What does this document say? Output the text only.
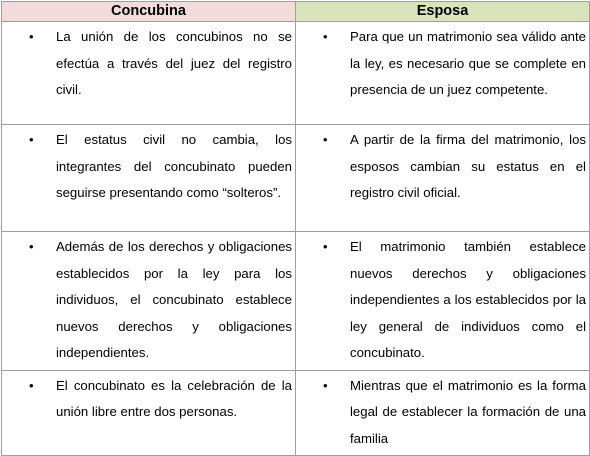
Concubina	Esposa

• La unión de los concubinos no se efectúa a través del juez del registro civil.	• Para que un matrimonio sea válido ante la ley, es necesario que se complete en presencia de un juez competente.

• El estatus civil no cambia, los integrantes del concubinato pueden seguirse presentando como “solteros”.	• A partir de la firma del matrimonio, los esposos cambian su estatus en el registro civil oficial.

• Además de los derechos y obligaciones establecidos por la ley para los individuos, el concubinato establece nuevos derechos y obligaciones independientes.	• El matrimonio también establece nuevos derechos y obligaciones independientes a los establecidos por la ley general de individuos como el concubinato.

• El concubinato es la celebración de la unión libre entre dos personas.	• Mientras que el matrimonio es la forma legal de establecer la formación de una familia
